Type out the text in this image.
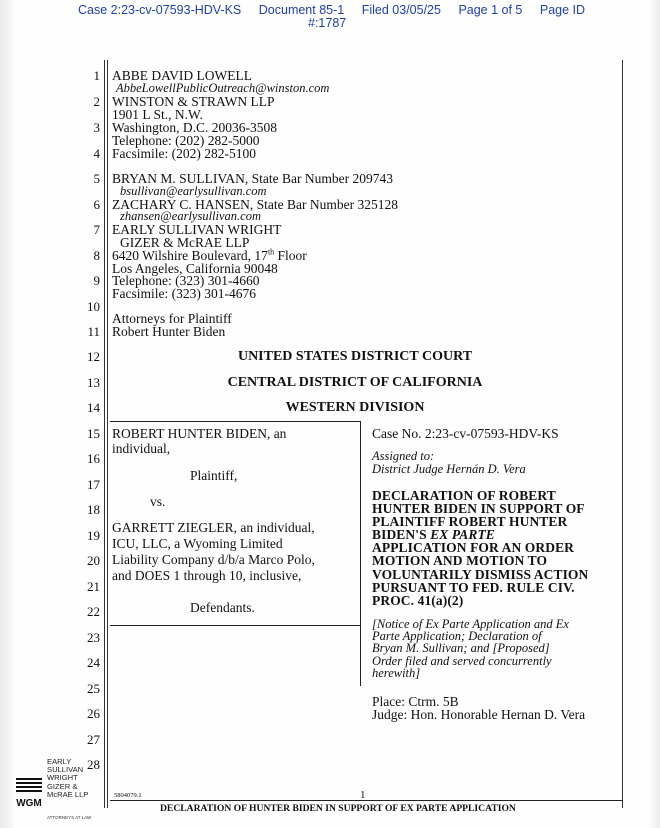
Case 2:23-cv-07593-HDV-KS Document 85-1 Filed 03/05/25 Page 1 of 5 Page ID
#:1787
1
2
3
4
5
6
7
8
9
10
11
12
13
14
15
16
17
18
19
20
21
22
23
24
25
26
27
28
ABBE DAVID LOWELL
AbbeLowellPublicOutreach@winston.com
WINSTON & STRAWN LLP
1901 L St., N.W.
Washington, D.C. 20036-3508
Telephone: (202) 282-5000
Facsimile: (202) 282-5100
BRYAN M. SULLIVAN, State Bar Number 209743
bsullivan@earlysullivan.com
ZACHARY C. HANSEN, State Bar Number 325128
zhansen@earlysullivan.com
EARLY SULLIVAN WRIGHT
GIZER & McRAE LLP
6420 Wilshire Boulevard, 17th Floor
Los Angeles, California 90048
Telephone: (323) 301-4660
Facsimile: (323) 301-4676
Attorneys for Plaintiff
Robert Hunter Biden
UNITED STATES DISTRICT COURT
CENTRAL DISTRICT OF CALIFORNIA
WESTERN DIVISION
ROBERT HUNTER BIDEN, an
individual,
Plaintiff,
vs.
GARRETT ZIEGLER, an individual,
ICU, LLC, a Wyoming Limited
Liability Company d/b/a Marco Polo,
and DOES 1 through 10, inclusive,
Defendants.
Case No. 2:23-cv-07593-HDV-KS
Assigned to:
District Judge Hernán D. Vera
DECLARATION OF ROBERT
HUNTER BIDEN IN SUPPORT OF
PLAINTIFF ROBERT HUNTER
BIDEN'S EX PARTE
APPLICATION FOR AN ORDER
MOTION AND MOTION TO
VOLUNTARILY DISMISS ACTION
PURSUANT TO FED. RULE CIV.
PROC. 41(a)(2)
[Notice of Ex Parte Application and Ex
Parte Application; Declaration of
Bryan M. Sullivan; and [Proposed]
Order filed and served concurrently
herewith]
Place: Ctrm. 5B
Judge: Hon. Honorable Hernan D. Vera
WGM
EARLY
SULLIVAN
WRIGHT
GIZER &
McRAE LLP
ATTORNEYS AT LAW
5804079.1	1
DECLARATION OF HUNTER BIDEN IN SUPPORT OF EX PARTE APPLICATION
